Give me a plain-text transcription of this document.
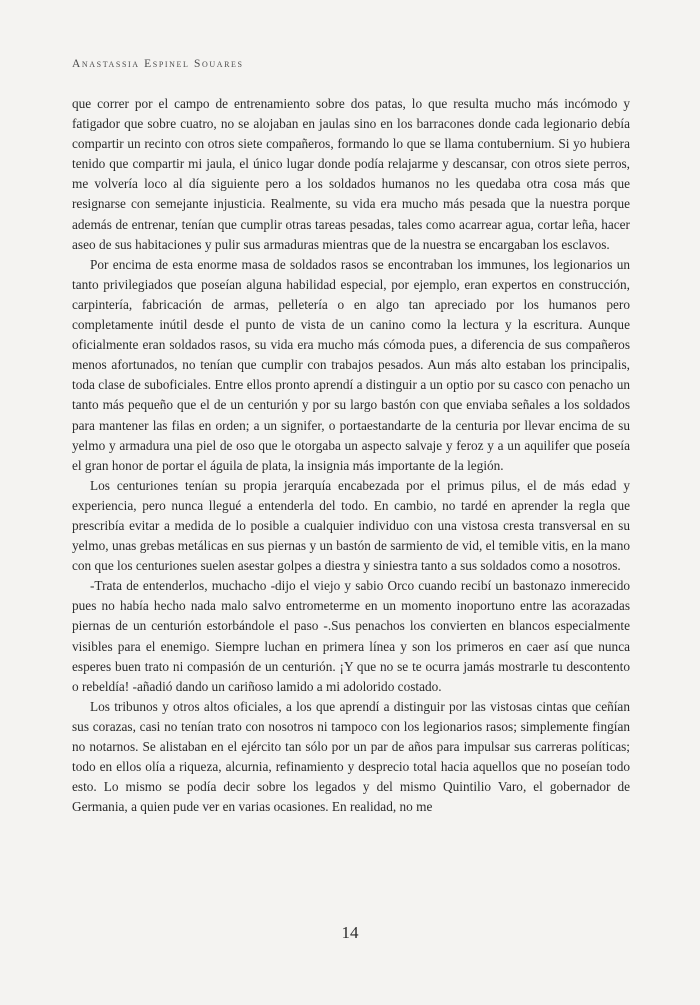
Anastassia Espinel Souares

que correr por el campo de entrenamiento sobre dos patas, lo que resulta mucho más incómodo y fatigador que sobre cuatro, no se alojaban en jaulas sino en los barracones donde cada legionario debía compartir un recinto con otros siete compañeros, formando lo que se llama contubernium. Si yo hubiera tenido que compartir mi jaula, el único lugar donde podía relajarme y descansar, con otros siete perros, me volvería loco al día siguiente pero a los soldados humanos no les quedaba otra cosa más que resignarse con semejante injusticia. Realmente, su vida era mucho más pesada que la nuestra porque además de entrenar, tenían que cumplir otras tareas pesadas, tales como acarrear agua, cortar leña, hacer aseo de sus habitaciones y pulir sus armaduras mientras que de la nuestra se encargaban los esclavos.

Por encima de esta enorme masa de soldados rasos se encontraban los immunes, los legionarios un tanto privilegiados que poseían alguna habilidad especial, por ejemplo, eran expertos en construcción, carpintería, fabricación de armas, pelletería o en algo tan apreciado por los humanos pero completamente inútil desde el punto de vista de un canino como la lectura y la escritura. Aunque oficialmente eran soldados rasos, su vida era mucho más cómoda pues, a diferencia de sus compañeros menos afortunados, no tenían que cumplir con trabajos pesados. Aun más alto estaban los principalis, toda clase de suboficiales. Entre ellos pronto aprendí a distinguir a un optio por su casco con penacho un tanto más pequeño que el de un centurión y por su largo bastón con que enviaba señales a los soldados para mantener las filas en orden; a un signifer, o portaestandarte de la centuria por llevar encima de su yelmo y armadura una piel de oso que le otorgaba un aspecto salvaje y feroz y a un aquilifer que poseía el gran honor de portar el águila de plata, la insignia más importante de la legión.

Los centuriones tenían su propia jerarquía encabezada por el primus pilus, el de más edad y experiencia, pero nunca llegué a entenderla del todo. En cambio, no tardé en aprender la regla que prescribía evitar a medida de lo posible a cualquier individuo con una vistosa cresta transversal en su yelmo, unas grebas metálicas en sus piernas y un bastón de sarmiento de vid, el temible vitis, en la mano con que los centuriones suelen asestar golpes a diestra y siniestra tanto a sus soldados como a nosotros.

-Trata de entenderlos, muchacho -dijo el viejo y sabio Orco cuando recibí un bastonazo inmerecido pues no había hecho nada malo salvo entrometerme en un momento inoportuno entre las acorazadas piernas de un centurión estorbándole el paso -.Sus penachos los convierten en blancos especialmente visibles para el enemigo. Siempre luchan en primera línea y son los primeros en caer así que nunca esperes buen trato ni compasión de un centurión. ¡Y que no se te ocurra jamás mostrarle tu descontento o rebeldía! -añadió dando un cariñoso lamido a mi adolorido costado.

Los tribunos y otros altos oficiales, a los que aprendí a distinguir por las vistosas cintas que ceñían sus corazas, casi no tenían trato con nosotros ni tampoco con los legionarios rasos; simplemente fingían no notarnos. Se alistaban en el ejército tan sólo por un par de años para impulsar sus carreras políticas; todo en ellos olía a riqueza, alcurnia, refinamiento y desprecio total hacia aquellos que no poseían todo esto. Lo mismo se podía decir sobre los legados y del mismo Quintilio Varo, el gobernador de Germania, a quien pude ver en varias ocasiones. En realidad, no me

14
